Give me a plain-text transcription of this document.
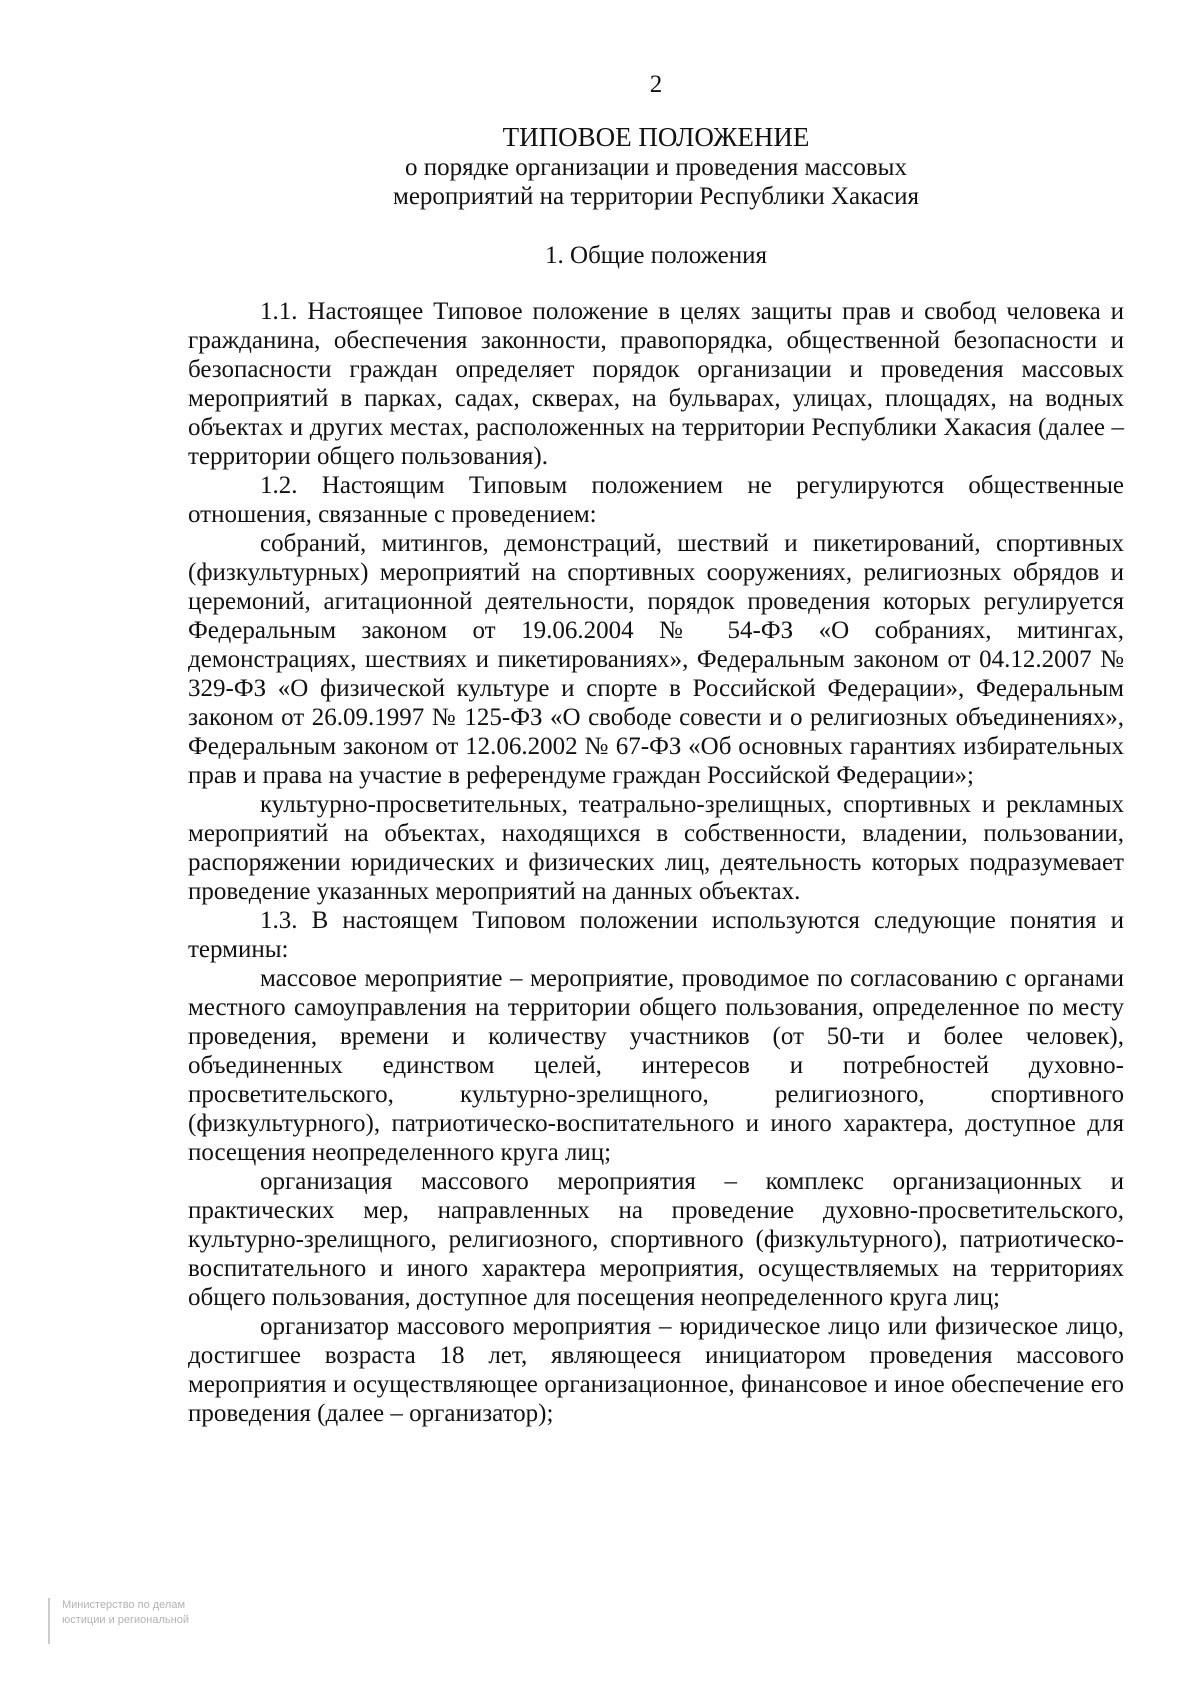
2

ТИПОВОЕ ПОЛОЖЕНИЕ

о порядке организации и проведения массовых

мероприятий на территории Республики Хакасия

1. Общие положения

1.1. Настоящее Типовое положение в целях защиты прав и свобод человека и гражданина, обеспечения законности, правопорядка, общественной безопасности и безопасности граждан определяет порядок организации и проведения массовых мероприятий в парках, садах, скверах, на бульварах, улицах, площадях, на водных объектах и других местах, расположенных на территории Республики Хакасия (далее – территории общего пользования).

1.2. Настоящим Типовым положением не регулируются общественные отношения, связанные с проведением:

собраний, митингов, демонстраций, шествий и пикетирований, спортивных (физкультурных) мероприятий на спортивных сооружениях, религиозных обрядов и церемоний, агитационной деятельности, порядок проведения которых регулируется Федеральным законом от 19.06.2004 № 54-ФЗ «О собраниях, митингах, демонстрациях, шествиях и пикетированиях», Федеральным законом от 04.12.2007 № 329-ФЗ «О физической культуре и спорте в Российской Федерации», Федеральным законом от 26.09.1997 № 125-ФЗ «О свободе совести и о религиозных объединениях», Федеральным законом от 12.06.2002 № 67-ФЗ «Об основных гарантиях избирательных прав и права на участие в референдуме граждан Российской Федерации»;

культурно-просветительных, театрально-зрелищных, спортивных и рекламных мероприятий на объектах, находящихся в собственности, владении, пользовании, распоряжении юридических и физических лиц, деятельность которых подразумевает проведение указанных мероприятий на данных объектах.

1.3. В настоящем Типовом положении используются следующие понятия и термины:

массовое мероприятие – мероприятие, проводимое по согласованию с органами местного самоуправления на территории общего пользования, определенное по месту проведения, времени и количеству участников (от 50-ти и более человек), объединенных единством целей, интересов и потребностей духовно-просветительского, культурно-зрелищного, религиозного, спортивного (физкультурного), патриотическо-воспитательного и иного характера, доступное для посещения неопределенного круга лиц;

организация массового мероприятия – комплекс организационных и практических мер, направленных на проведение духовно-просветительского, культурно-зрелищного, религиозного, спортивного (физкультурного), патриотическо-воспитательного и иного характера мероприятия, осуществляемых на территориях общего пользования, доступное для посещения неопределенного круга лиц;

организатор массового мероприятия – юридическое лицо или физическое лицо, достигшее возраста 18 лет, являющееся инициатором проведения массового мероприятия и осуществляющее организационное, финансовое и иное обеспечение его проведения (далее – организатор);

Министерство по делам
юстиции и региональной
